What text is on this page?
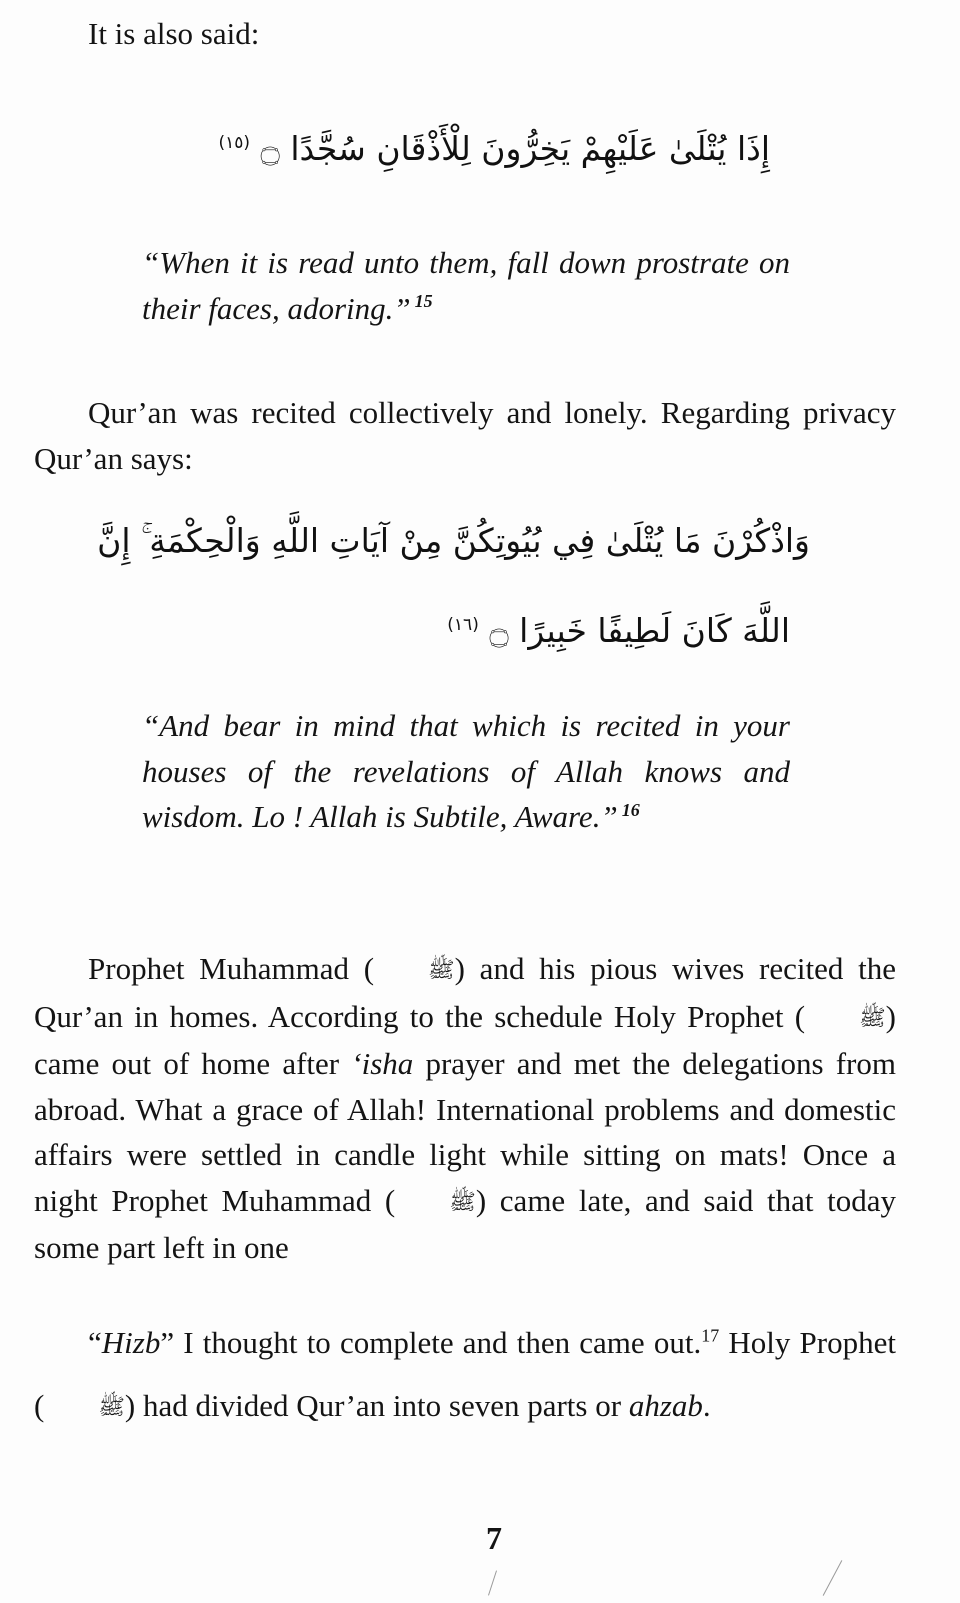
It is also said:
إِذَا يُتْلَىٰ عَلَيْهِمْ يَخِرُّونَ لِلْأَذْقَانِ سُجَّدًا ۝ $^{(١٥)}$
“When it is read unto them, fall down prostrate on their faces, adoring.” $^{15}$
Qur’an was recited collectively and lonely. Regarding privacy Qur’an says:
وَاذْكُرْنَ مَا يُتْلَىٰ فِي بُيُوتِكُنَّ مِنْ آيَاتِ اللَّهِ وَالْحِكْمَةِ ۚ إِنَّ
اللَّهَ كَانَ لَطِيفًا خَبِيرًا ۝ $^{(١٦)}$
“And bear in mind that which is recited in your houses of the revelations of Allah knows and wisdom. Lo ! Allah is Subtile, Aware.” $^{16}$
Prophet Muhammad ( ﷺ) and his pious wives recited the Qur’an in homes. According to the schedule Holy Prophet ( ﷺ) came out of home after ‘isha prayer and met the delegations from abroad. What a grace of Allah! International problems and domestic affairs were settled in candle light while sitting on mats! Once a night Prophet Muhammad ( ﷺ) came late, and said that today some part left in one
“Hizb” I thought to complete and then came out.$^{17}$ Holy Prophet ( ﷺ) had divided Qur’an into seven parts or ahzab.
7
